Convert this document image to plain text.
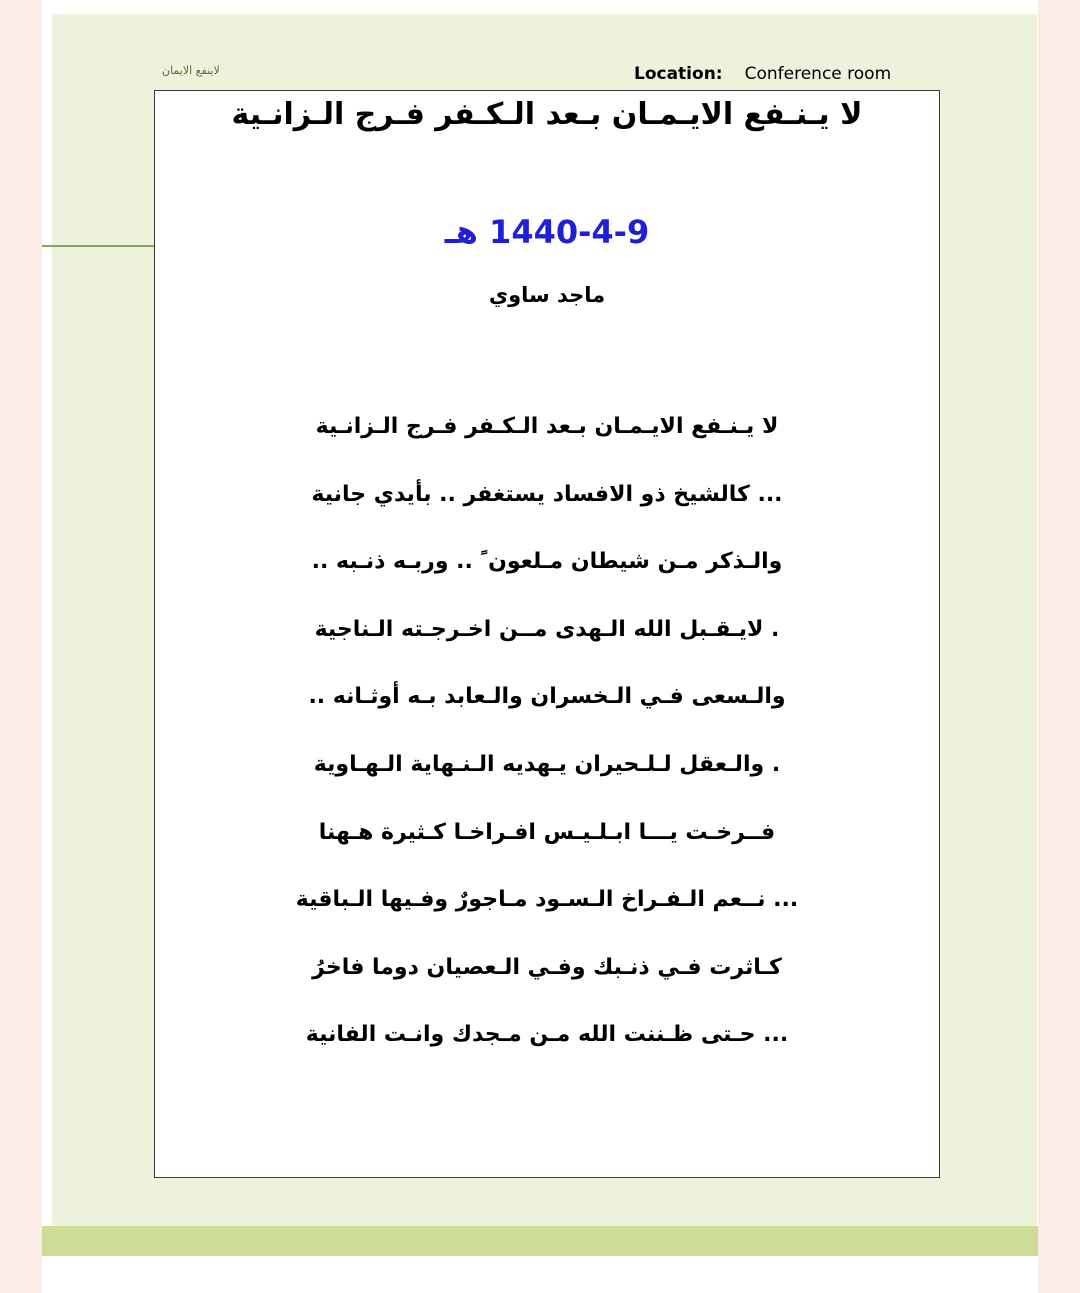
لاينفع الايمان	Location: Conference room
لا يـنـفع الايـمـان بـعد الـكـفر فـرج الـزانـية
1440-4-9 هـ
ماجد ساوي
لا يـنـفع الايـمـان بـعد الـكـفر فـرج الـزانـية
... كالشيخ ذو الافساد يستغفر .. بأيدي جانية
والـذكر مـن شيطان مـلعون ً .. وربـه ذنـبه ..
. لايـقـبل الله الـهدى مــن اخـرجـته الـناجية
والـسعى فـي الـخسران والـعابد بـه أوثـانه ..
. والـعقل لـلـحيران يـهديه الـنـهاية الـهـاوية
فــرخـت يـــا ابـلـيـس افـراخـا كـثيرة هـهنا
... نــعم الـفـراخ الـسـود مـاجورٌ وفـيها الـباقية
كـاثرت فـي ذنـبك وفـي الـعصيان دوما فاخرُ
... حـتى ظـننت الله مـن مـجدك وانـت الفانية
